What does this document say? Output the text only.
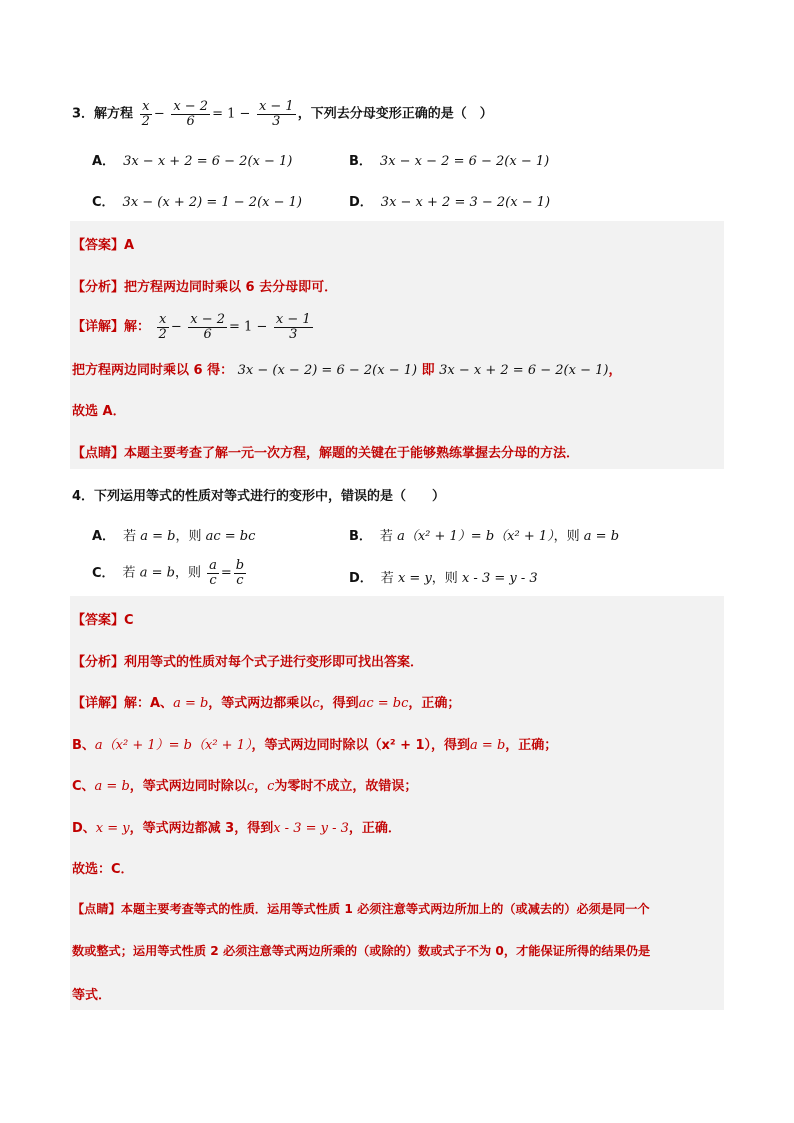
3．解方程 $\frac{x}{2} - \frac{x - 2}{6} = 1 - \frac{x - 1}{3}$ ，下列去分母变形正确的是（　）
A． 3x − x + 2 = 6 − 2(x − 1)	B． 3x − x − 2 = 6 − 2(x − 1)
C． 3x − (x + 2) = 1 − 2(x − 1)	D． 3x − x + 2 = 3 − 2(x − 1)
【答案】A
【分析】把方程两边同时乘以 6 去分母即可．
【详解】解： $\frac{x}{2} - \frac{x - 2}{6} = 1 - \frac{x - 1}{3}$
把方程两边同时乘以 6 得： 3x − (x − 2) = 6 − 2(x − 1) 即 3x − x + 2 = 6 − 2(x − 1)，
故选 A．
【点睛】本题主要考查了解一元一次方程，解题的关键在于能够熟练掌握去分母的方法．
4．下列运用等式的性质对等式进行的变形中，错误的是（　　）
A． 若 a = b，则 ac = bc	B． 若 a（x² + 1）= b（x² + 1），则 a = b
C． 若 a = b，则 $\frac{a}{c} = \frac{b}{c}$	D． 若 x = y，则 x - 3 = y - 3
【答案】C
【分析】利用等式的性质对每个式子进行变形即可找出答案．
【详解】解：A、a = b，等式两边都乘以c，得到ac = bc，正确；
B、a（x² + 1）= b（x² + 1），等式两边同时除以（x² + 1），得到a = b，正确；
C、a = b，等式两边同时除以c，c为零时不成立，故错误；
D、x = y，等式两边都减 3，得到x - 3 = y - 3，正确．
故选：C．
【点睛】本题主要考查等式的性质．运用等式性质 1 必须注意等式两边所加上的（或减去的）必须是同一个
数或整式；运用等式性质 2 必须注意等式两边所乘的（或除的）数或式子不为 0，才能保证所得的结果仍是
等式．
